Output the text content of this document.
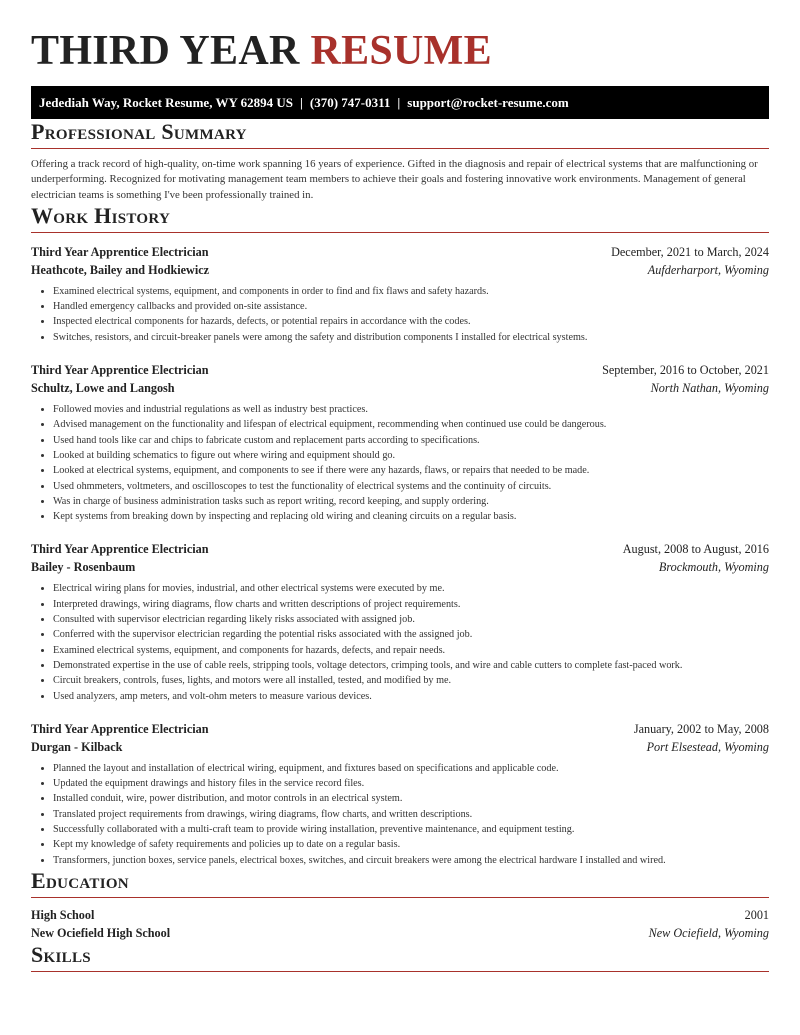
THIRD YEAR RESUME
Jedediah Way, Rocket Resume, WY 62894 US | (370) 747-0311 | support@rocket-resume.com
Professional Summary

Offering a track record of high-quality, on-time work spanning 16 years of experience. Gifted in the diagnosis and repair of electrical systems that are malfunctioning or underperforming. Recognized for motivating management team members to achieve their goals and fostering innovative work environments. Management of general electrician teams is something I've been professionally trained in.

Work History
Third Year Apprentice Electrician	December, 2021 to March, 2024
Heathcote, Bailey and Hodkiewicz	Aufderharport, Wyoming
• Examined electrical systems, equipment, and components in order to find and fix flaws and safety hazards.
• Handled emergency callbacks and provided on-site assistance.
• Inspected electrical components for hazards, defects, or potential repairs in accordance with the codes.
• Switches, resistors, and circuit-breaker panels were among the safety and distribution components I installed for electrical systems.
Third Year Apprentice Electrician	September, 2016 to October, 2021
Schultz, Lowe and Langosh	North Nathan, Wyoming
• Followed movies and industrial regulations as well as industry best practices.
• Advised management on the functionality and lifespan of electrical equipment, recommending when continued use could be dangerous.
• Used hand tools like car and chips to fabricate custom and replacement parts according to specifications.
• Looked at building schematics to figure out where wiring and equipment should go.
• Looked at electrical systems, equipment, and components to see if there were any hazards, flaws, or repairs that needed to be made.
• Used ohmmeters, voltmeters, and oscilloscopes to test the functionality of electrical systems and the continuity of circuits.
• Was in charge of business administration tasks such as report writing, record keeping, and supply ordering.
• Kept systems from breaking down by inspecting and replacing old wiring and cleaning circuits on a regular basis.
Third Year Apprentice Electrician	August, 2008 to August, 2016
Bailey - Rosenbaum	Brockmouth, Wyoming
• Electrical wiring plans for movies, industrial, and other electrical systems were executed by me.
• Interpreted drawings, wiring diagrams, flow charts and written descriptions of project requirements.
• Consulted with supervisor electrician regarding likely risks associated with assigned job.
• Conferred with the supervisor electrician regarding the potential risks associated with the assigned job.
• Examined electrical systems, equipment, and components for hazards, defects, and repair needs.
• Demonstrated expertise in the use of cable reels, stripping tools, voltage detectors, crimping tools, and wire and cable cutters to complete fast-paced work.
• Circuit breakers, controls, fuses, lights, and motors were all installed, tested, and modified by me.
• Used analyzers, amp meters, and volt-ohm meters to measure various devices.
Third Year Apprentice Electrician	January, 2002 to May, 2008
Durgan - Kilback	Port Elsestead, Wyoming
• Planned the layout and installation of electrical wiring, equipment, and fixtures based on specifications and applicable code.
• Updated the equipment drawings and history files in the service record files.
• Installed conduit, wire, power distribution, and motor controls in an electrical system.
• Translated project requirements from drawings, wiring diagrams, flow charts, and written descriptions.
• Successfully collaborated with a multi-craft team to provide wiring installation, preventive maintenance, and equipment testing.
• Kept my knowledge of safety requirements and policies up to date on a regular basis.
• Transformers, junction boxes, service panels, electrical boxes, switches, and circuit breakers were among the electrical hardware I installed and wired.
Education
High School	2001
New Ociefield High School	New Ociefield, Wyoming
Skills
